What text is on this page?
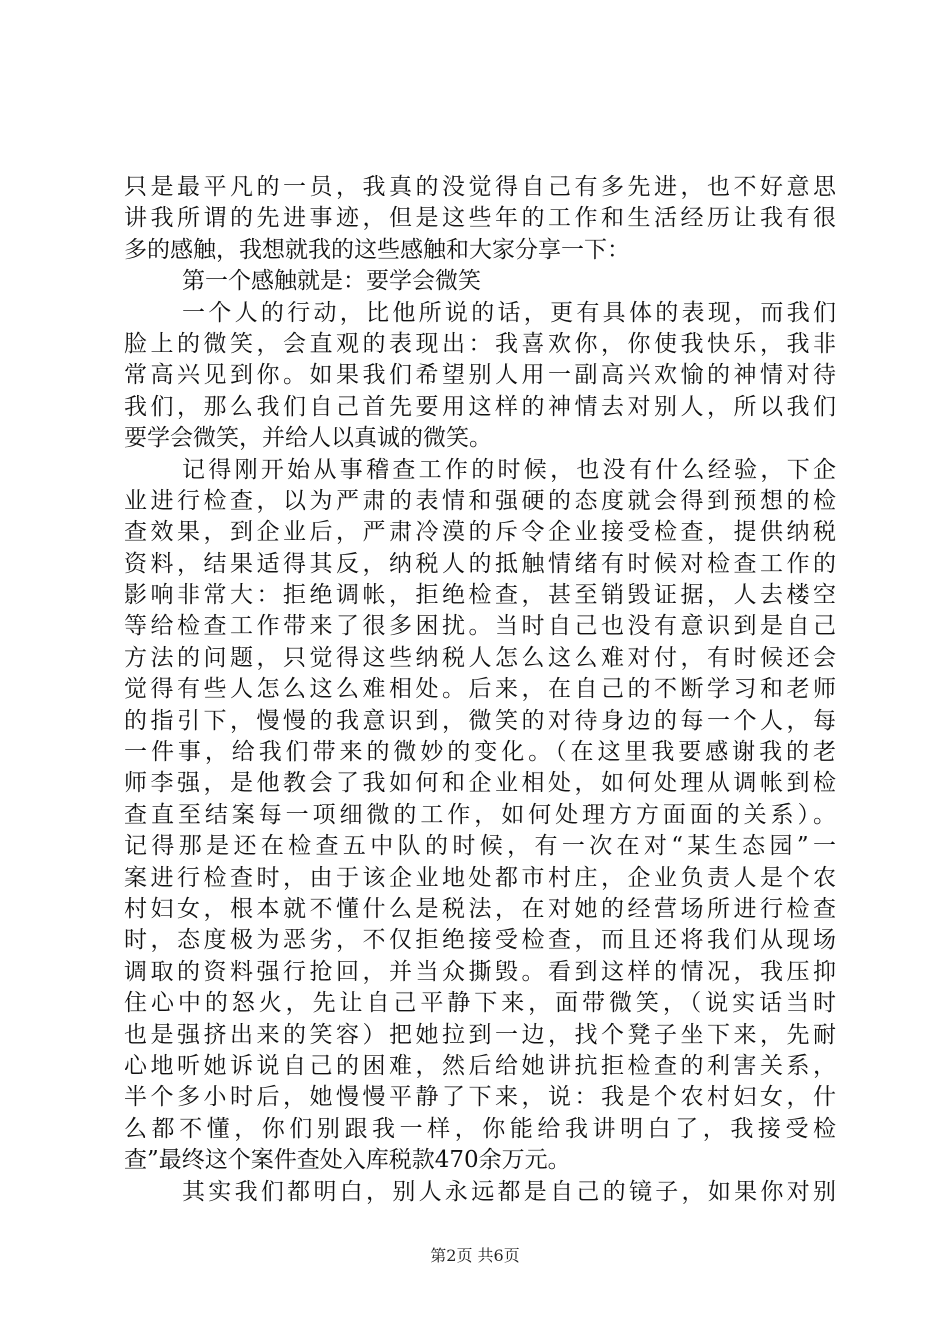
只是最平凡的一员，我真的没觉得自己有多先进，也不好意思
讲我所谓的先进事迹，但是这些年的工作和生活经历让我有很
多的感触，我想就我的这些感触和大家分享一下：
第一个感触就是：要学会微笑
一个人的行动，比他所说的话，更有具体的表现，而我们
脸上的微笑，会直观的表现出：我喜欢你，你使我快乐，我非
常高兴见到你。如果我们希望别人用一副高兴欢愉的神情对待
我们，那么我们自己首先要用这样的神情去对别人，所以我们
要学会微笑，并给人以真诚的微笑。
记得刚开始从事稽查工作的时候，也没有什么经验，下企
业进行检查，以为严肃的表情和强硬的态度就会得到预想的检
查效果，到企业后，严肃冷漠的斥令企业接受检查，提供纳税
资料，结果适得其反，纳税人的抵触情绪有时候对检查工作的
影响非常大：拒绝调帐，拒绝检查，甚至销毁证据，人去楼空
等给检查工作带来了很多困扰。当时自己也没有意识到是自己
方法的问题，只觉得这些纳税人怎么这么难对付，有时候还会
觉得有些人怎么这么难相处。后来，在自己的不断学习和老师
的指引下，慢慢的我意识到，微笑的对待身边的每一个人，每
一件事，给我们带来的微妙的变化。（在这里我要感谢我的老
师李强，是他教会了我如何和企业相处，如何处理从调帐到检
查直至结案每一项细微的工作，如何处理方方面面的关系）。
记得那是还在检查五中队的时候，有一次在对“某生态园”一
案进行检查时，由于该企业地处都市村庄，企业负责人是个农
村妇女，根本就不懂什么是税法，在对她的经营场所进行检查
时，态度极为恶劣，不仅拒绝接受检查，而且还将我们从现场
调取的资料强行抢回，并当众撕毁。看到这样的情况，我压抑
住心中的怒火，先让自己平静下来，面带微笑，（说实话当时
也是强挤出来的笑容）把她拉到一边，找个凳子坐下来，先耐
心地听她诉说自己的困难，然后给她讲抗拒检查的利害关系，
半个多小时后，她慢慢平静了下来，说：我是个农村妇女，什
么都不懂，你们别跟我一样，你能给我讲明白了，我接受检
查”最终这个案件查处入库税款470余万元。
其实我们都明白，别人永远都是自己的镜子，如果你对别
第2页 共6页
